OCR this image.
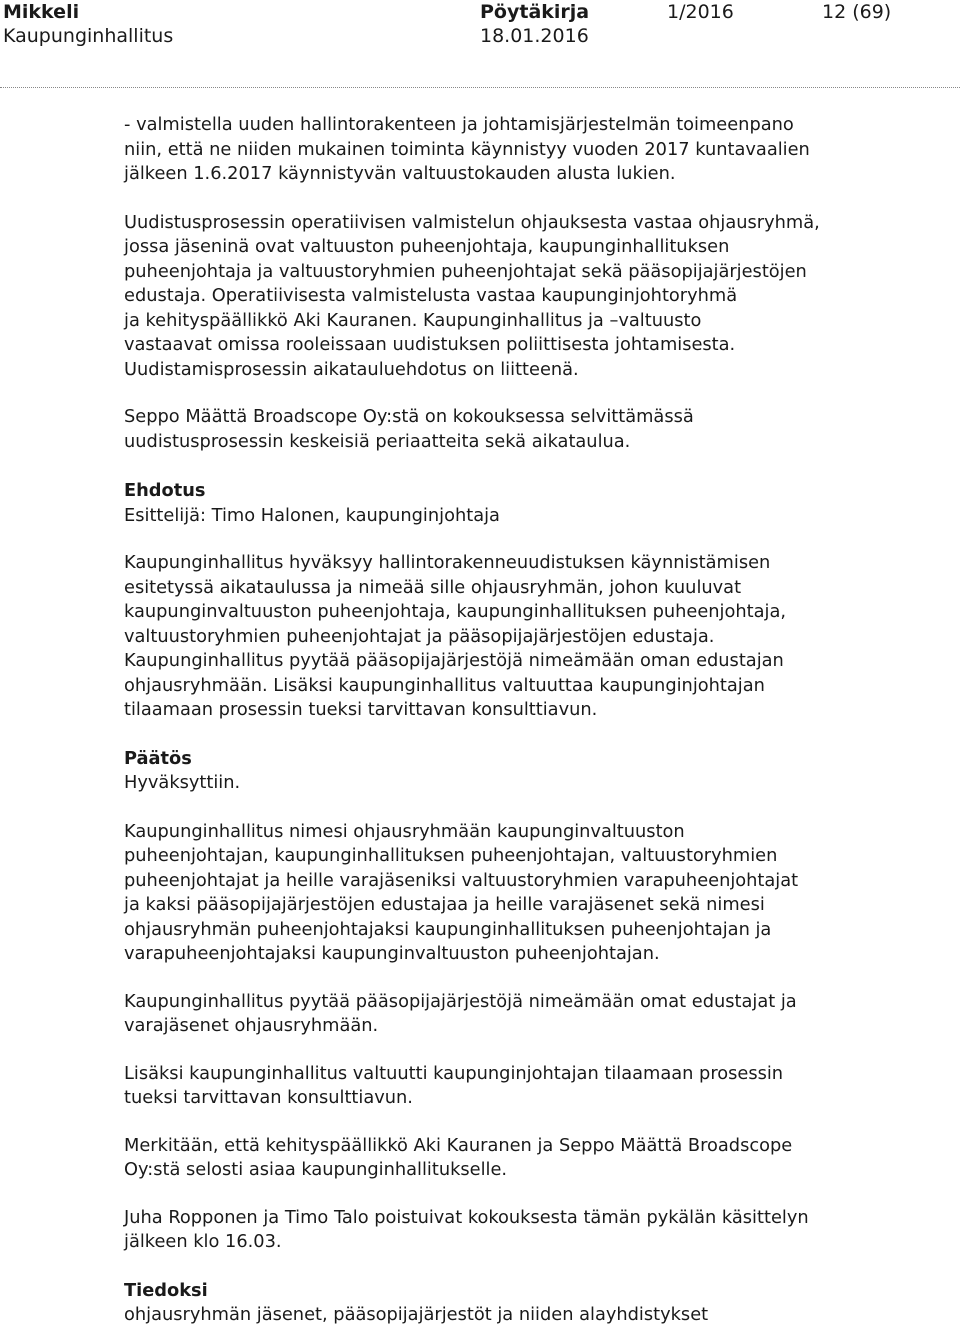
Mikkeli
Kaupunginhallitus
Pöytäkirja
18.01.2016
1/2016	12 (69)

- valmistella uuden hallintorakenteen ja johtamisjärjestelmän toimeenpano
niin, että ne niiden mukainen toiminta käynnistyy vuoden 2017 kuntavaalien
jälkeen 1.6.2017 käynnistyvän valtuustokauden alusta lukien.

Uudistusprosessin operatiivisen valmistelun ohjauksesta vastaa ohjausryhmä,
jossa jäseninä ovat valtuuston puheenjohtaja, kaupunginhallituksen
puheenjohtaja ja valtuustoryhmien puheenjohtajat sekä pääsopijajärjestöjen
edustaja. Operatiivisesta valmistelusta vastaa kaupunginjohtoryhmä
ja kehityspäällikkö Aki Kauranen. Kaupunginhallitus ja –valtuusto
vastaavat omissa rooleissaan uudistuksen poliittisesta johtamisesta.
Uudistamisprosessin aikatauluehdotus on liitteenä.

Seppo Määttä Broadscope Oy:stä on kokouksessa selvittämässä
uudistusprosessin keskeisiä periaatteita sekä aikataulua.

Ehdotus

Esittelijä: Timo Halonen, kaupunginjohtaja

Kaupunginhallitus hyväksyy hallintorakenneuudistuksen käynnistämisen
esitetyssä aikataulussa ja nimeää sille ohjausryhmän, johon kuuluvat
kaupunginvaltuuston puheenjohtaja, kaupunginhallituksen puheenjohtaja,
valtuustoryhmien puheenjohtajat ja pääsopijajärjestöjen edustaja.
Kaupunginhallitus pyytää pääsopijajärjestöjä nimeämään oman edustajan
ohjausryhmään. Lisäksi kaupunginhallitus valtuuttaa kaupunginjohtajan
tilaamaan prosessin tueksi tarvittavan konsulttiavun.

Päätös

Hyväksyttiin.

Kaupunginhallitus nimesi ohjausryhmään kaupunginvaltuuston
puheenjohtajan, kaupunginhallituksen puheenjohtajan, valtuustoryhmien
puheenjohtajat ja heille varajäseniksi valtuustoryhmien varapuheenjohtajat
ja kaksi pääsopijajärjestöjen edustajaa ja heille varajäsenet sekä nimesi
ohjausryhmän puheenjohtajaksi kaupunginhallituksen puheenjohtajan ja
varapuheenjohtajaksi kaupunginvaltuuston puheenjohtajan.

Kaupunginhallitus pyytää pääsopijajärjestöjä nimeämään omat edustajat ja
varajäsenet ohjausryhmään.

Lisäksi kaupunginhallitus valtuutti kaupunginjohtajan tilaamaan prosessin
tueksi tarvittavan konsulttiavun.

Merkitään, että kehityspäällikkö Aki Kauranen ja Seppo Määttä Broadscope
Oy:stä selosti asiaa kaupunginhallitukselle.

Juha Ropponen ja Timo Talo poistuivat kokouksesta tämän pykälän käsittelyn
jälkeen klo 16.03.

Tiedoksi

ohjausryhmän jäsenet, pääsopijajärjestöt ja niiden alayhdistykset
